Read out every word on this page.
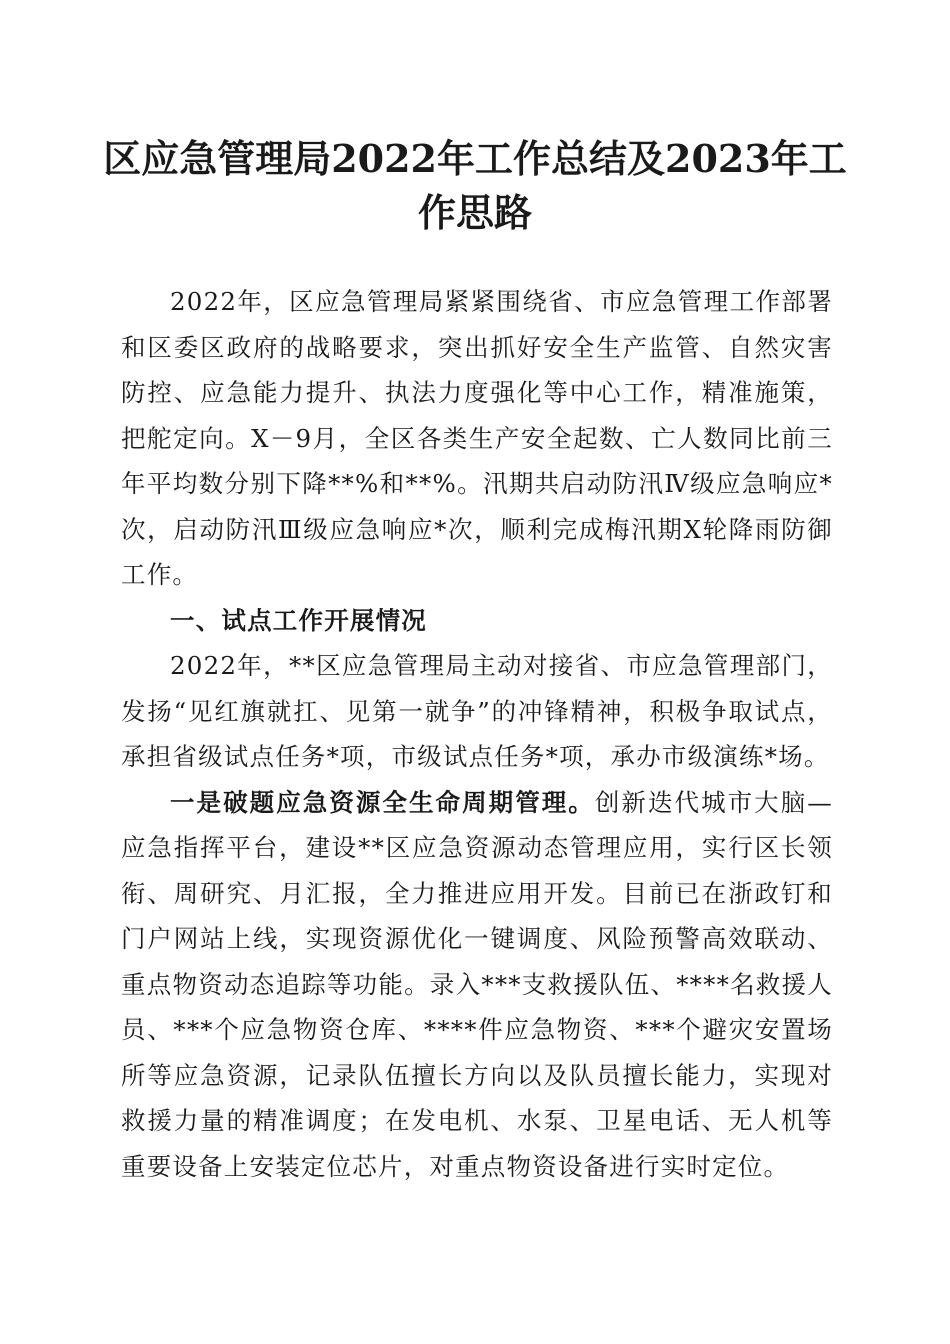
区应急管理局2022年工作总结及2023年工作思路

2022年，区应急管理局紧紧围绕省、市应急管理工作部署和区委区政府的战略要求，突出抓好安全生产监管、自然灾害防控、应急能力提升、执法力度强化等中心工作，精准施策，把舵定向。X－9月，全区各类生产安全起数、亡人数同比前三年平均数分别下降**%和**%。汛期共启动防汛Ⅳ级应急响应*次，启动防汛Ⅲ级应急响应*次，顺利完成梅汛期X轮降雨防御工作。

一、试点工作开展情况

2022年，**区应急管理局主动对接省、市应急管理部门，发扬“见红旗就扛、见第一就争”的冲锋精神，积极争取试点，承担省级试点任务*项，市级试点任务*项，承办市级演练*场。

一是破题应急资源全生命周期管理。创新迭代城市大脑—应急指挥平台，建设**区应急资源动态管理应用，实行区长领衔、周研究、月汇报，全力推进应用开发。目前已在浙政钉和门户网站上线，实现资源优化一键调度、风险预警高效联动、重点物资动态追踪等功能。录入***支救援队伍、****名救援人员、***个应急物资仓库、****件应急物资、***个避灾安置场所等应急资源，记录队伍擅长方向以及队员擅长能力，实现对救援力量的精准调度；在发电机、水泵、卫星电话、无人机等重要设备上安装定位芯片，对重点物资设备进行实时定位。
